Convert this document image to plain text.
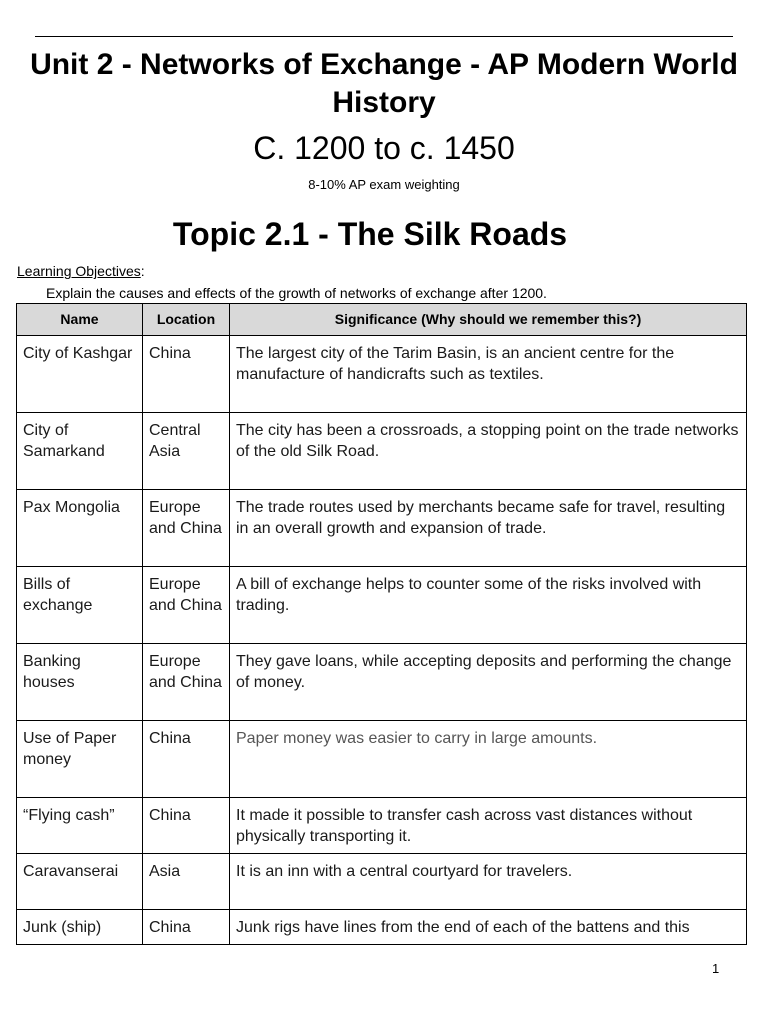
Unit 2 - Networks of Exchange - AP Modern World History
C. 1200 to c. 1450
8-10% AP exam weighting
Topic 2.1 - The Silk Roads
Learning Objectives:
Explain the causes and effects of the growth of networks of exchange after 1200.
Name	Location	Significance (Why should we remember this?)
City of Kashgar	China	The largest city of the Tarim Basin, is an ancient centre for the manufacture of handicrafts such as textiles.
City of Samarkand	Central Asia	The city has been a crossroads, a stopping point on the trade networks of the old Silk Road.
Pax Mongolia	Europe and China	The trade routes used by merchants became safe for travel, resulting in an overall growth and expansion of trade.
Bills of exchange	Europe and China	A bill of exchange helps to counter some of the risks involved with trading.
Banking houses	Europe and China	They gave loans, while accepting deposits and performing the change of money.
Use of Paper money	China	Paper money was easier to carry in large amounts.
“Flying cash”	China	It made it possible to transfer cash across vast distances without physically transporting it.
Caravanserai	Asia	It is an inn with a central courtyard for travelers.
Junk (ship)	China	Junk rigs have lines from the end of each of the battens and this
1
